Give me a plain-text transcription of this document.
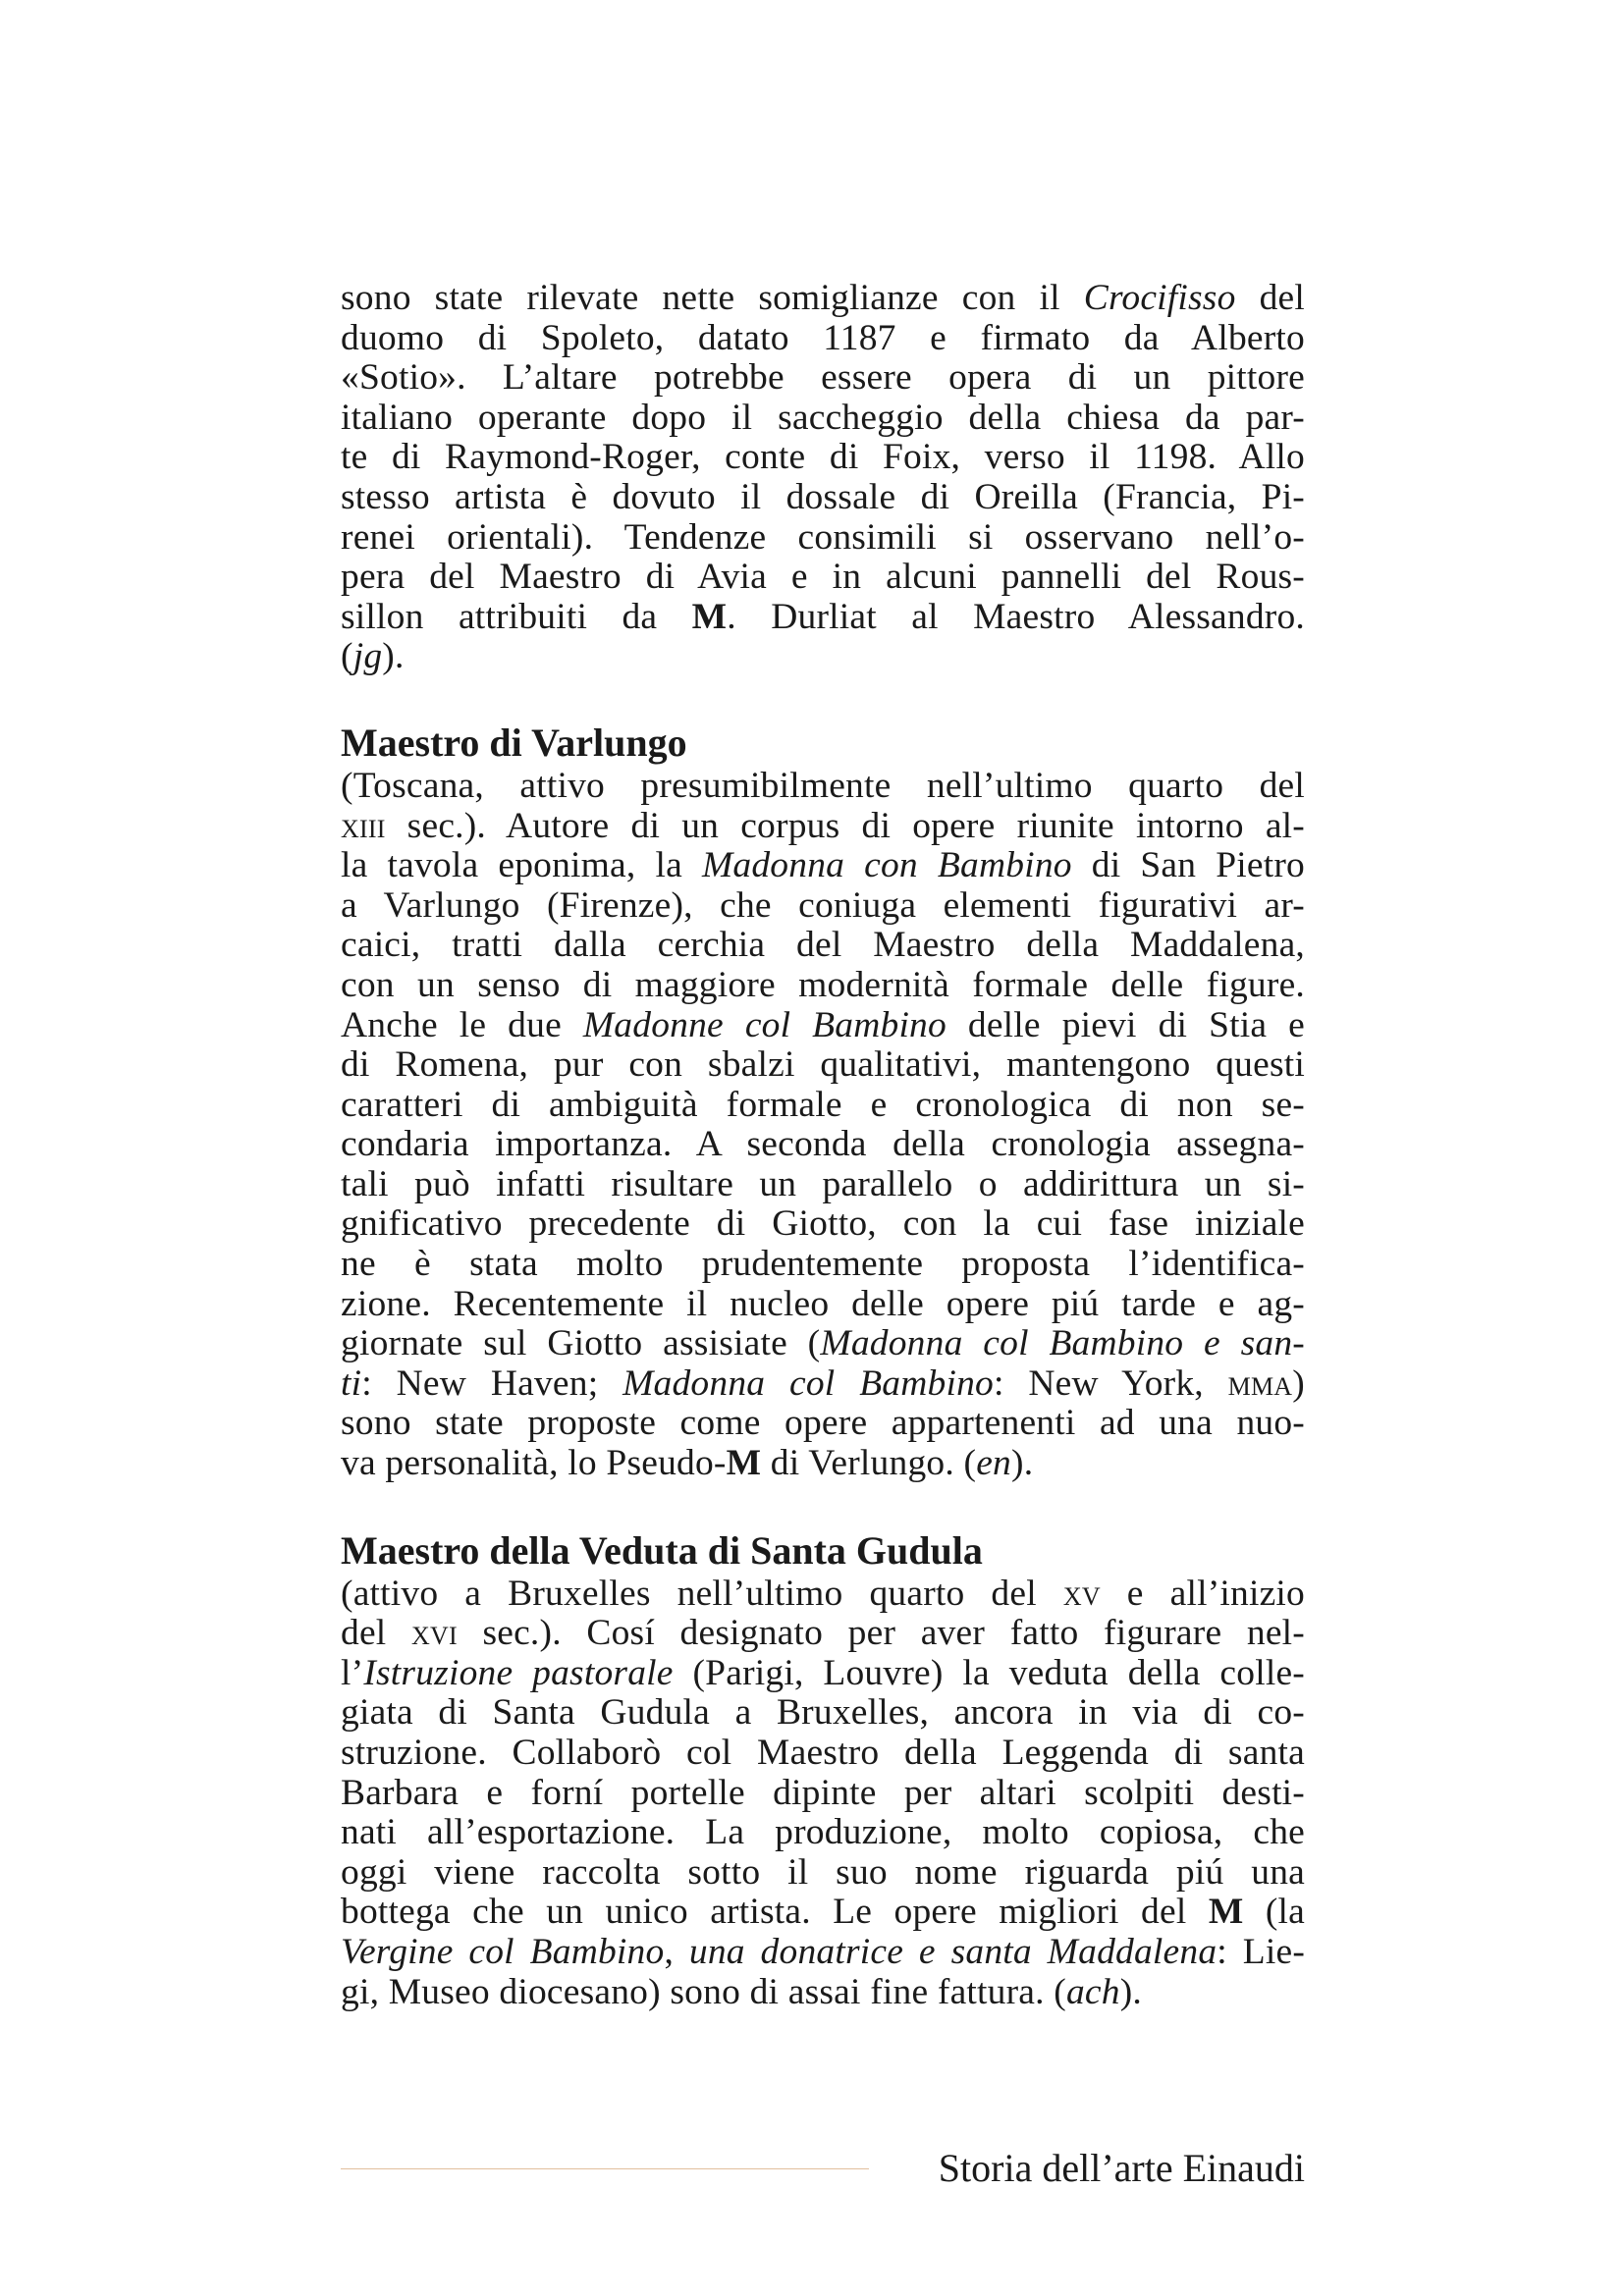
sono state rilevate nette somiglianze con il Crocifisso del
duomo di Spoleto, datato 1187 e firmato da Alberto
«Sotio». L’altare potrebbe essere opera di un pittore
italiano operante dopo il saccheggio della chiesa da par-
te di Raymond-Roger, conte di Foix, verso il 1198. Allo
stesso artista è dovuto il dossale di Oreilla (Francia, Pi-
renei orientali). Tendenze consimili si osservano nell’o-
pera del Maestro di Avia e in alcuni pannelli del Rous-
sillon attribuiti da M. Durliat al Maestro Alessandro.
(jg).

Maestro di Varlungo

(Toscana, attivo presumibilmente nell’ultimo quarto del
xiii sec.). Autore di un corpus di opere riunite intorno al-
la tavola eponima, la Madonna con Bambino di San Pietro
a Varlungo (Firenze), che coniuga elementi figurativi ar-
caici, tratti dalla cerchia del Maestro della Maddalena,
con un senso di maggiore modernità formale delle figure.
Anche le due Madonne col Bambino delle pievi di Stia e
di Romena, pur con sbalzi qualitativi, mantengono questi
caratteri di ambiguità formale e cronologica di non se-
condaria importanza. A seconda della cronologia assegna-
tali può infatti risultare un parallelo o addirittura un si-
gnificativo precedente di Giotto, con la cui fase iniziale
ne è stata molto prudentemente proposta l’identifica-
zione. Recentemente il nucleo delle opere piú tarde e ag-
giornate sul Giotto assisiate (Madonna col Bambino e san-
ti: New Haven; Madonna col Bambino: New York, mma)
sono state proposte come opere appartenenti ad una nuo-
va personalità, lo Pseudo-M di Verlungo. (en).

Maestro della Veduta di Santa Gudula

(attivo a Bruxelles nell’ultimo quarto del xv e all’inizio
del xvi sec.). Cosí designato per aver fatto figurare nel-
l’Istruzione pastorale (Parigi, Louvre) la veduta della colle-
giata di Santa Gudula a Bruxelles, ancora in via di co-
struzione. Collaborò col Maestro della Leggenda di santa
Barbara e forní portelle dipinte per altari scolpiti desti-
nati all’esportazione. La produzione, molto copiosa, che
oggi viene raccolta sotto il suo nome riguarda piú una
bottega che un unico artista. Le opere migliori del M (la
Vergine col Bambino, una donatrice e santa Maddalena: Lie-
gi, Museo diocesano) sono di assai fine fattura. (ach).

Storia dell’arte Einaudi
